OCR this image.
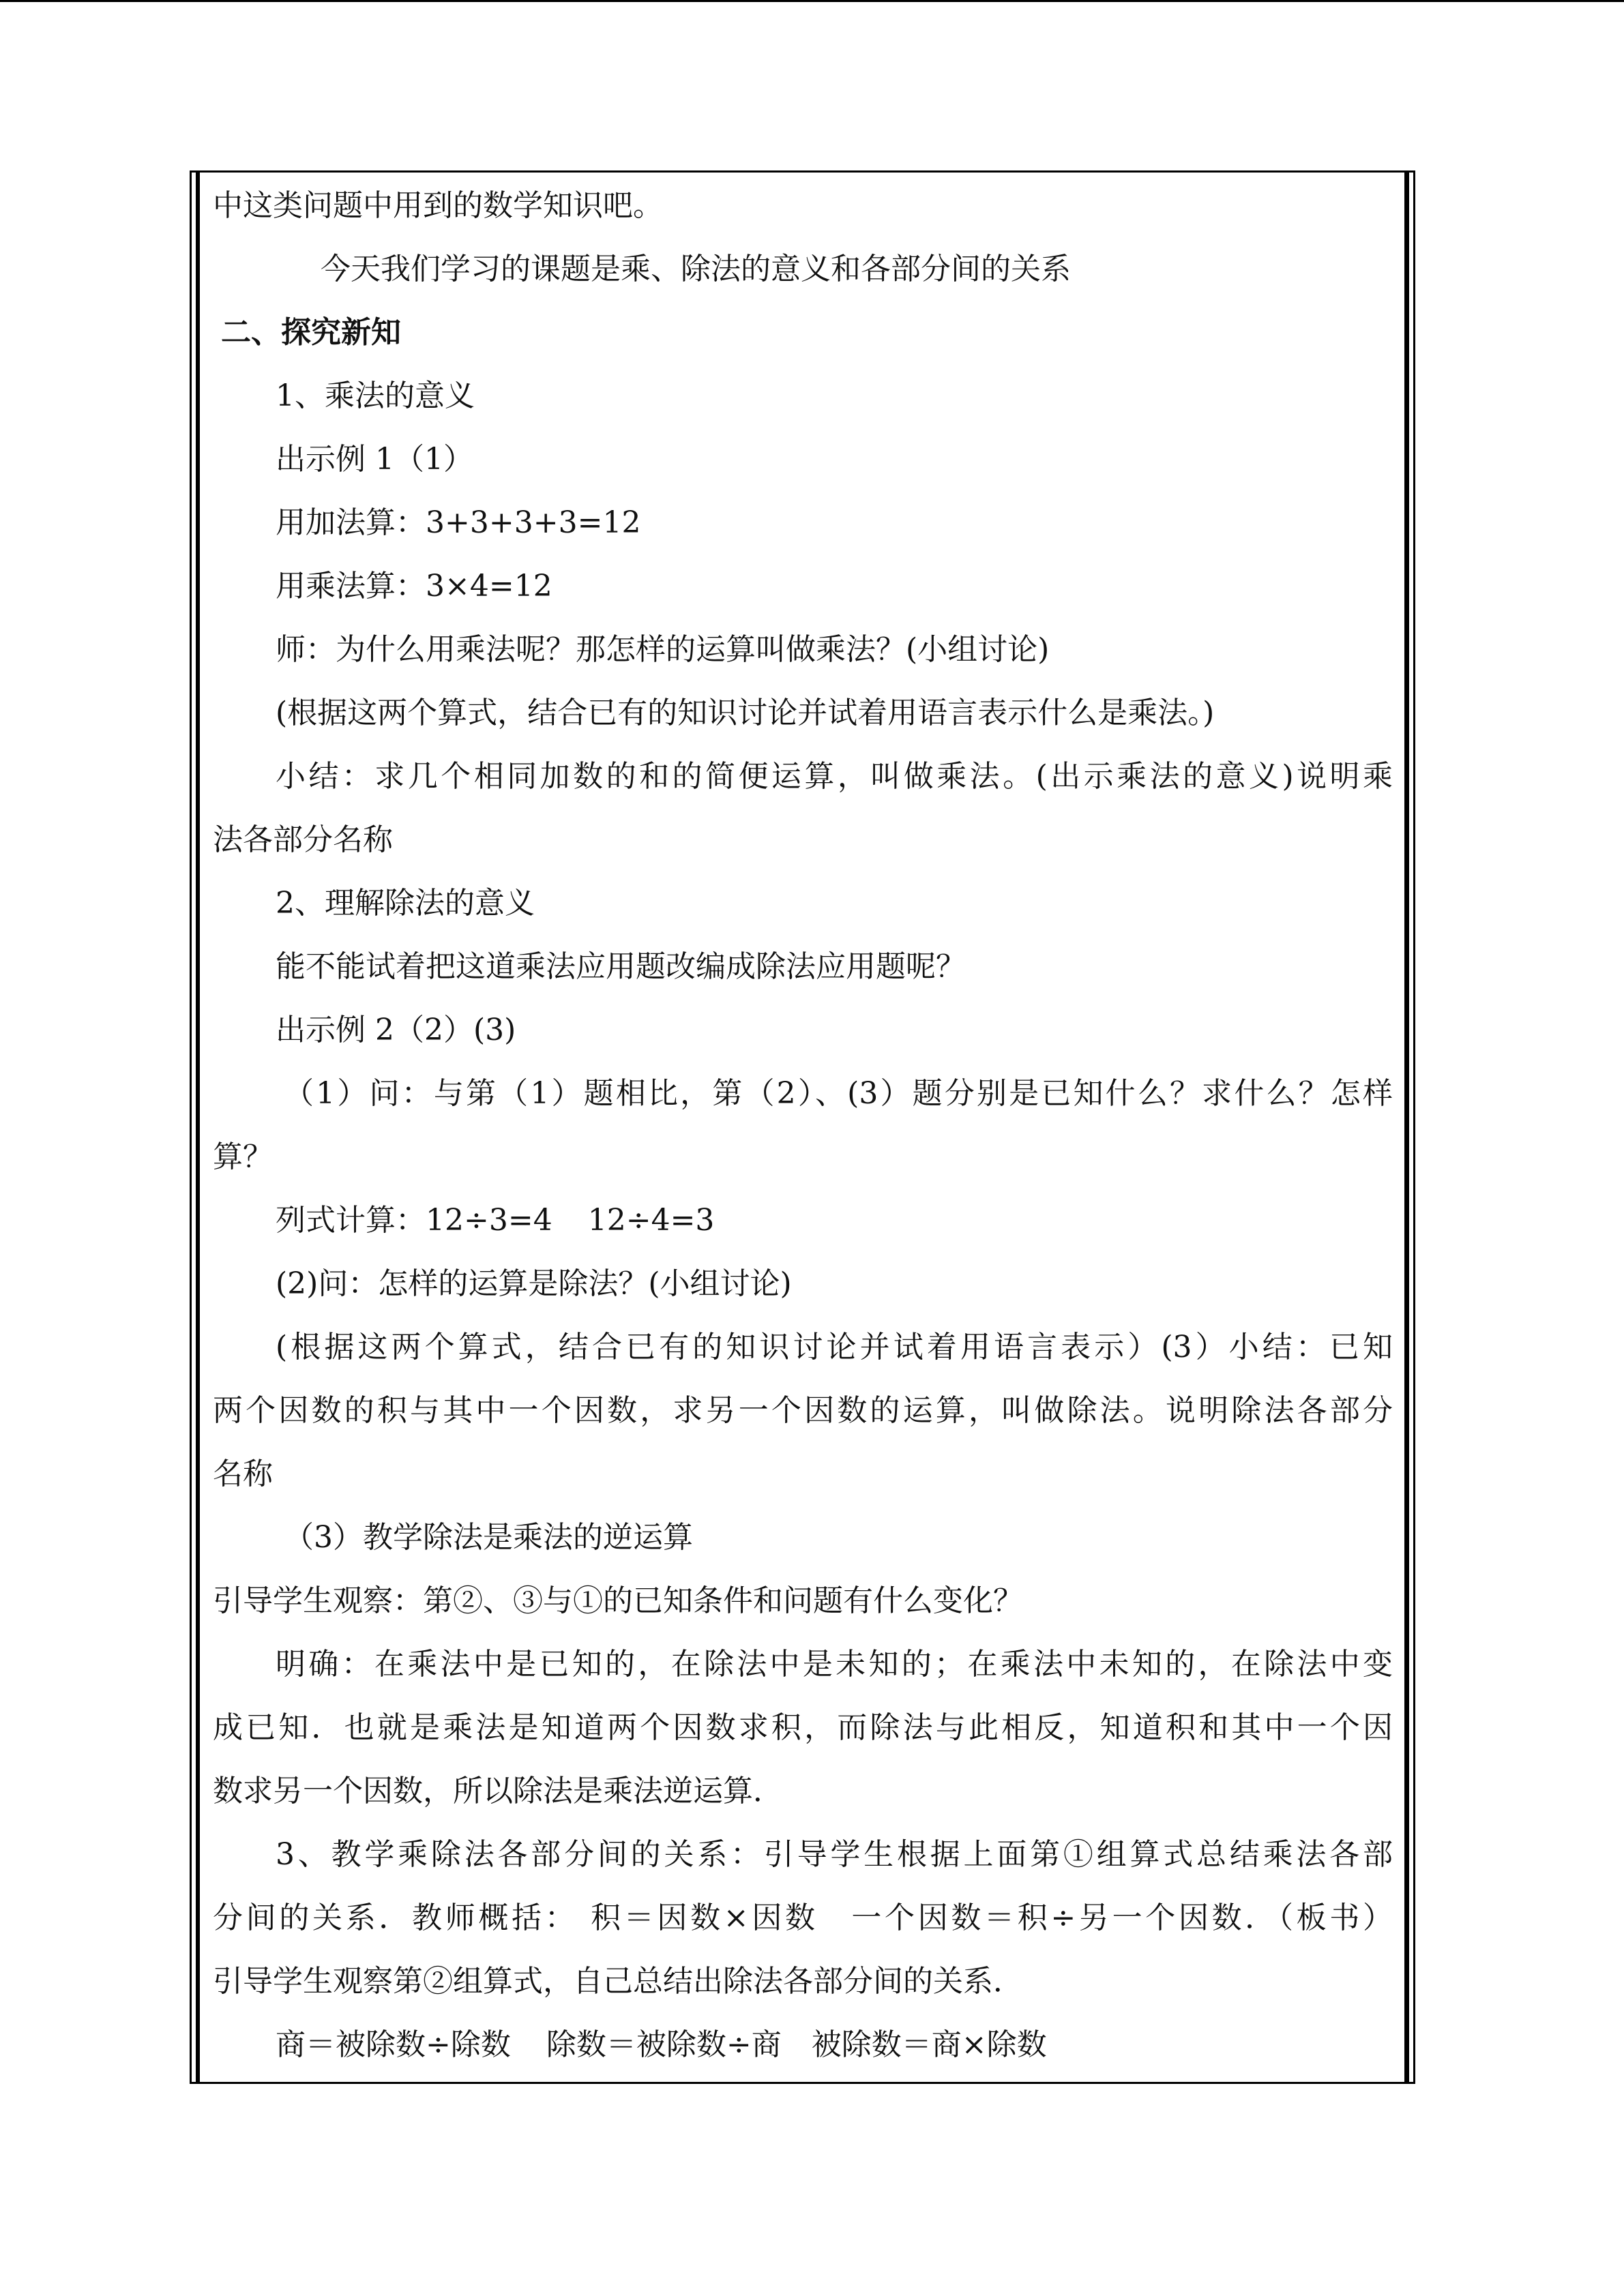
中这类问题中用到的数学知识吧。
今天我们学习的课题是乘、除法的意义和各部分间的关系
二、探究新知
1、乘法的意义
出示例 1（1）
用加法算：3+3+3+3=12
用乘法算：3×4=12
师：为什么用乘法呢？那怎样的运算叫做乘法？(小组讨论)
(根据这两个算式，结合已有的知识讨论并试着用语言表示什么是乘法。)
小结：求几个相同加数的和的简便运算，叫做乘法。(出示乘法的意义)说明乘
法各部分名称
2、理解除法的意义
能不能试着把这道乘法应用题改编成除法应用题呢？
出示例 2（2）(3)
（1）问：与第（1）题相比，第（2）、(3）题分别是已知什么？求什么？怎样
算？
列式计算：12÷3=4 12÷4=3
(2)问：怎样的运算是除法？(小组讨论)
(根据这两个算式，结合已有的知识讨论并试着用语言表示）(3）小结：已知
两个因数的积与其中一个因数，求另一个因数的运算，叫做除法。说明除法各部分
名称
（3）教学除法是乘法的逆运算
引导学生观察：第②、③与①的已知条件和问题有什么变化？
明确：在乘法中是已知的，在除法中是未知的；在乘法中未知的，在除法中变
成已知．也就是乘法是知道两个因数求积，而除法与此相反，知道积和其中一个因
数求另一个因数，所以除法是乘法逆运算．
3、教学乘除法各部分间的关系：引导学生根据上面第①组算式总结乘法各部
分间的关系．教师概括： 积＝因数×因数　一个因数＝积÷另一个因数．（板书）
引导学生观察第②组算式，自己总结出除法各部分间的关系．
商＝被除数÷除数 除数＝被除数÷商　被除数＝商×除数
